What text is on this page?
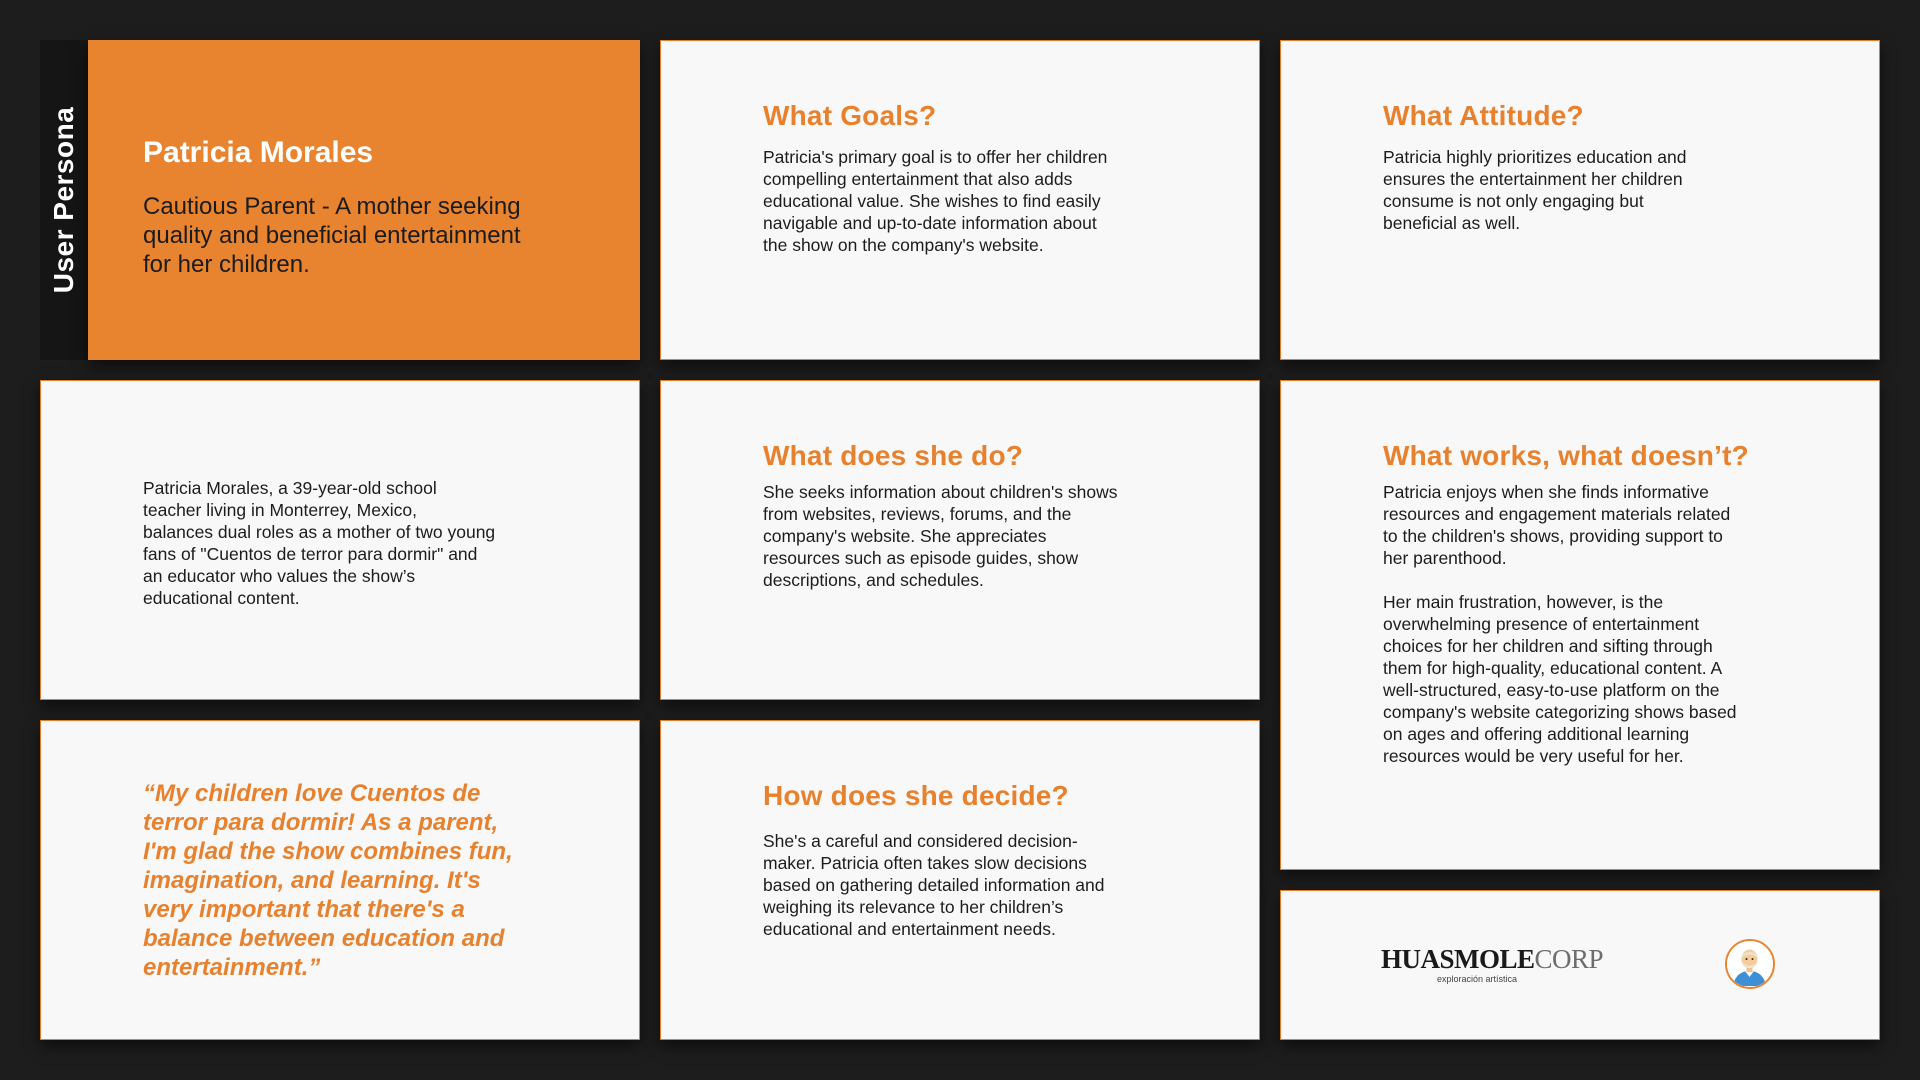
User Persona Patricia Morales

Cautious Parent - A mother seeking quality and beneficial entertainment for her children.

What Goals?

Patricia's primary goal is to offer her children
compelling entertainment that also adds
educational value. She wishes to find easily
navigable and up-to-date information about
the show on the company's website.

What Attitude?

Patricia highly prioritizes education and
ensures the entertainment her children
consume is not only engaging but
beneficial as well.

Patricia Morales, a 39-year-old school
teacher living in Monterrey, Mexico,
balances dual roles as a mother of two young
fans of "Cuentos de terror para dormir" and
an educator who values the show’s
educational content.

What does she do?

She seeks information about children's shows
from websites, reviews, forums, and the
company's website. She appreciates
resources such as episode guides, show
descriptions, and schedules.

What works, what doesn’t?

Patricia enjoys when she finds informative
resources and engagement materials related
to the children's shows, providing support to
her parenthood.

Her main frustration, however, is the
overwhelming presence of entertainment
choices for her children and sifting through
them for high-quality, educational content. A
well-structured, easy-to-use platform on the
company's website categorizing shows based
on ages and offering additional learning
resources would be very useful for her.

“My children love Cuentos de
terror para dormir! As a parent,
I'm glad the show combines fun,
imagination, and learning. It's
very important that there's a
balance between education and
entertainment.”

How does she decide?

She's a careful and considered decision-
maker. Patricia often takes slow decisions
based on gathering detailed information and
weighing its relevance to her children’s
educational and entertainment needs.

HUASMOLECORP
exploración artística
